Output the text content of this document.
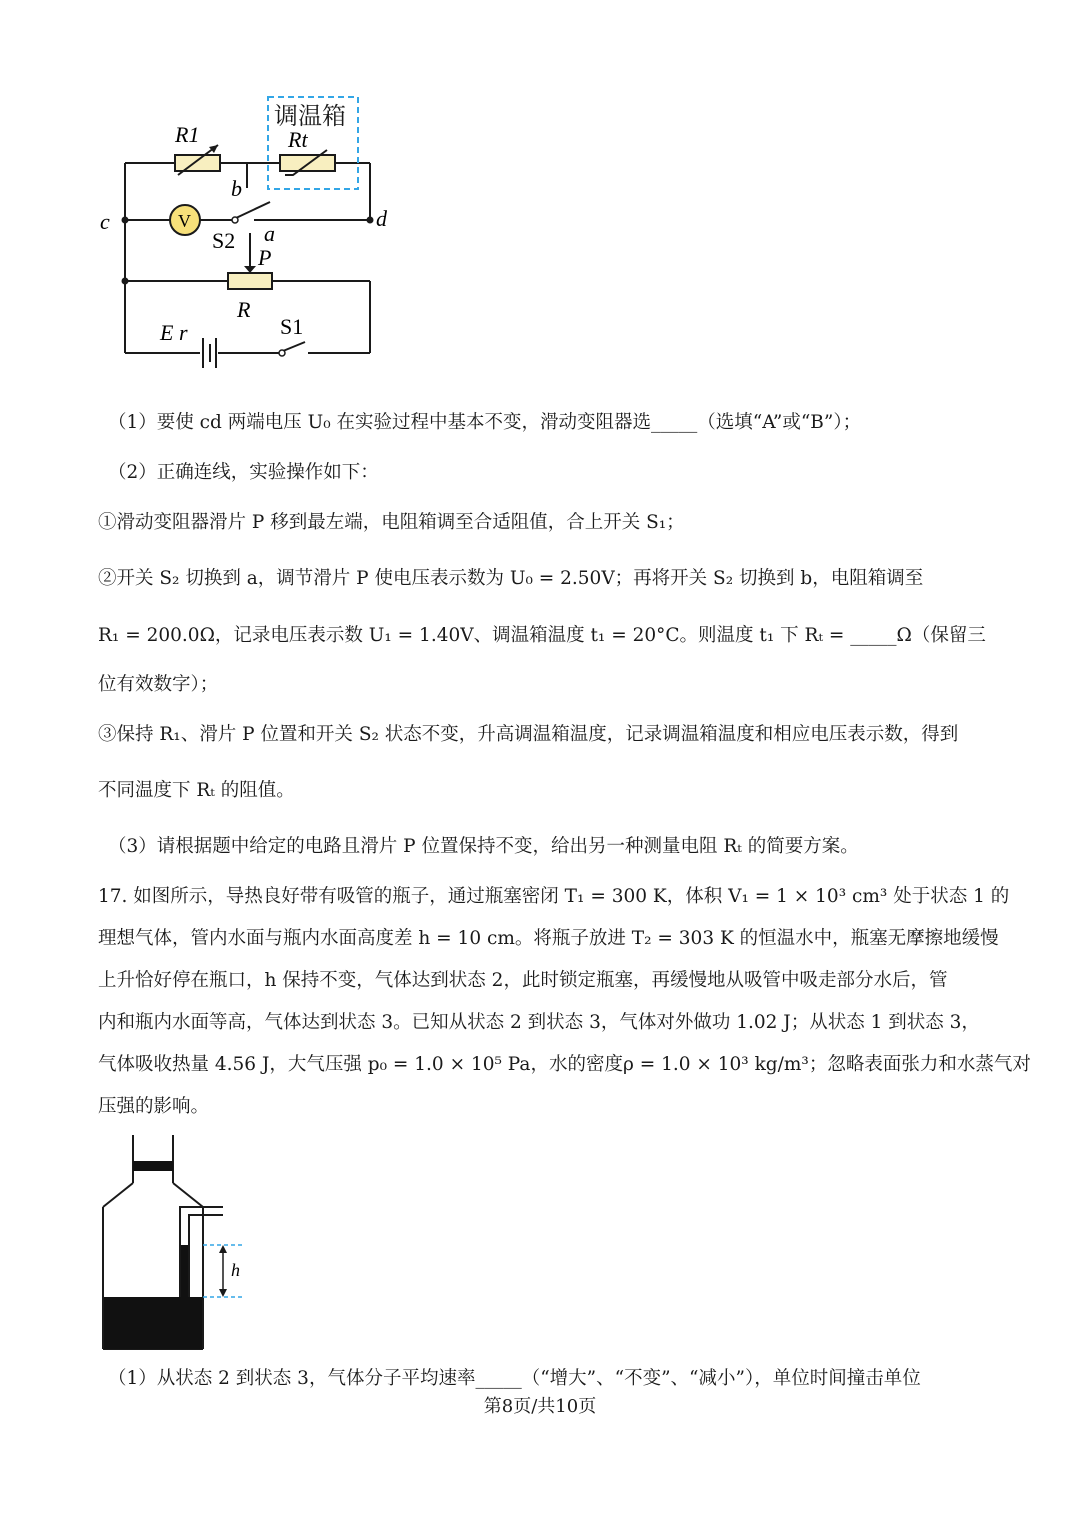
调温箱
R1	Rt
b
c	d
V
S2 a
P
R
E r	S1
（1）要使 cd 两端电压 U₀ 在实验过程中基本不变，滑动变阻器选_____（选填“A”或“B”）；
（2）正确连线，实验操作如下：
①滑动变阻器滑片 P 移到最左端，电阻箱调至合适阻值，合上开关 S₁；
②开关 S₂ 切换到 a，调节滑片 P 使电压表示数为 U₀ = 2.50V；再将开关 S₂ 切换到 b，电阻箱调至
R₁ = 200.0Ω，记录电压表示数 U₁ = 1.40V、调温箱温度 t₁ = 20°C。则温度 t₁ 下 Rₜ = _____Ω（保留三
位有效数字）；
③保持 R₁、滑片 P 位置和开关 S₂ 状态不变，升高调温箱温度，记录调温箱温度和相应电压表示数，得到
不同温度下 Rₜ 的阻值。
（3）请根据题中给定的电路且滑片 P 位置保持不变，给出另一种测量电阻 Rₜ 的简要方案。
17. 如图所示，导热良好带有吸管的瓶子，通过瓶塞密闭 T₁ = 300 K，体积 V₁ = 1 × 10³ cm³ 处于状态 1 的
理想气体，管内水面与瓶内水面高度差 h = 10 cm。将瓶子放进 T₂ = 303 K 的恒温水中，瓶塞无摩擦地缓慢
上升恰好停在瓶口，h 保持不变，气体达到状态 2，此时锁定瓶塞，再缓慢地从吸管中吸走部分水后，管
内和瓶内水面等高，气体达到状态 3。已知从状态 2 到状态 3，气体对外做功 1.02 J；从状态 1 到状态 3，
气体吸收热量 4.56 J，大气压强 p₀ = 1.0 × 10⁵ Pa，水的密度ρ = 1.0 × 10³ kg/m³；忽略表面张力和水蒸气对
压强的影响。
h
（1）从状态 2 到状态 3，气体分子平均速率_____（“增大”、“不变”、“减小”），单位时间撞击单位
第8页/共10页
